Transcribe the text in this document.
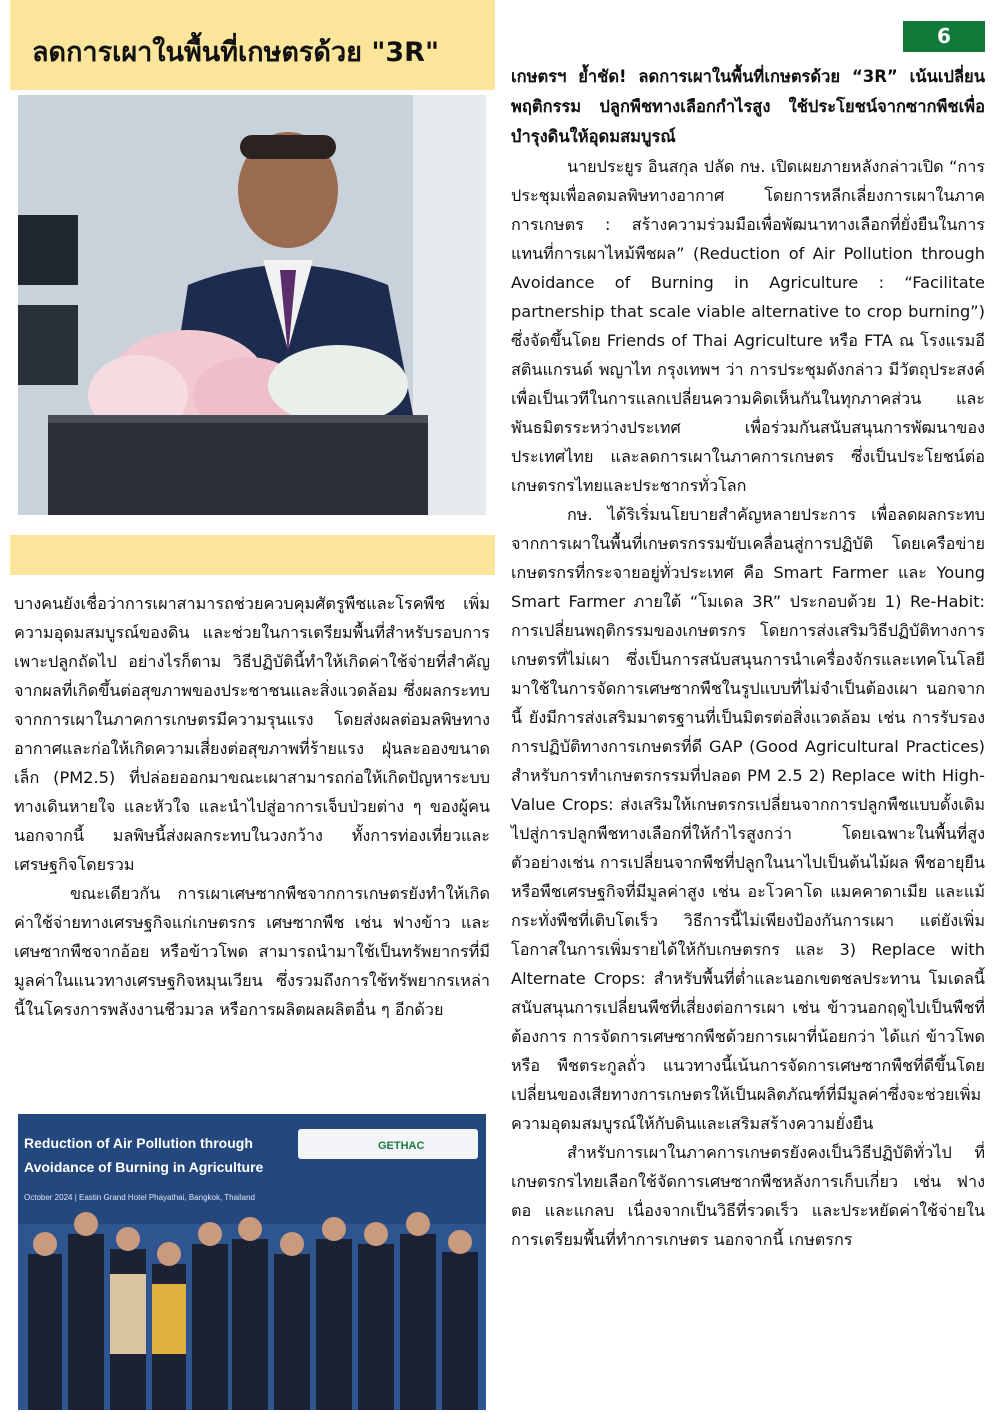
ลดการเผาในพื้นที่เกษตรด้วย "3R"
6

บางคนยังเชื่อว่าการเผาสามารถช่วยควบคุมศัตรูพืชและโรคพืช เพิ่มความอุดมสมบูรณ์ของดิน และช่วยในการเตรียมพื้นที่สำหรับรอบการเพาะปลูกถัดไป อย่างไรก็ตาม วิธีปฏิบัตินี้ทำให้เกิดค่าใช้จ่ายที่สำคัญจากผลที่เกิดขึ้นต่อสุขภาพของประชาชนและสิ่งแวดล้อม ซึ่งผลกระทบจากการเผาในภาคการเกษตรมีความรุนแรง โดยส่งผลต่อมลพิษทางอากาศและก่อให้เกิดความเสี่ยงต่อสุขภาพที่ร้ายแรง ฝุ่นละอองขนาดเล็ก (PM2.5) ที่ปล่อยออกมาขณะเผาสามารถก่อให้เกิดปัญหาระบบทางเดินหายใจ และหัวใจ และนำไปสู่อาการเจ็บป่วยต่าง ๆ ของผู้คน นอกจากนี้ มลพิษนี้ส่งผลกระทบในวงกว้าง ทั้งการท่องเที่ยวและเศรษฐกิจโดยรวม

ขณะเดียวกัน การเผาเศษซากพืชจากการเกษตรยังทำให้เกิดค่าใช้จ่ายทางเศรษฐกิจแก่เกษตรกร เศษซากพืช เช่น ฟางข้าว และเศษซากพืชจากอ้อย หรือข้าวโพด สามารถนำมาใช้เป็นทรัพยากรที่มีมูลค่าในแนวทางเศรษฐกิจหมุนเวียน ซึ่งรวมถึงการใช้ทรัพยากรเหล่านี้ในโครงการพลังงานชีวมวล หรือการผลิตผลผลิตอื่น ๆ อีกด้วย

Reduction of Air Pollution through
Avoidance of Burning in Agriculture
October 2024 | Eastin Grand Hotel Phayathai, Bangkok, Thailand
GETHAC

เกษตรฯ ย้ำชัด! ลดการเผาในพื้นที่เกษตรด้วย “3R” เน้นเปลี่ยนพฤติกรรม ปลูกพืชทางเลือกกำไรสูง ใช้ประโยชน์จากซากพืชเพื่อบำรุงดินให้อุดมสมบูรณ์

นายประยูร อินสกุล ปลัด กษ. เปิดเผยภายหลังกล่าวเปิด “การประชุมเพื่อลดมลพิษทางอากาศ โดยการหลีกเลี่ยงการเผาในภาคการเกษตร : สร้างความร่วมมือเพื่อพัฒนาทางเลือกที่ยั่งยืนในการแทนที่การเผาไหม้พืชผล” (Reduction of Air Pollution through Avoidance of Burning in Agriculture : “Facilitate partnership that scale viable alternative to crop burning”) ซึ่งจัดขึ้นโดย Friends of Thai Agriculture หรือ FTA ณ โรงแรมอีสตินแกรนด์ พญาไท กรุงเทพฯ ว่า การประชุมดังกล่าว มีวัตถุประสงค์เพื่อเป็นเวทีในการแลกเปลี่ยนความคิดเห็นกันในทุกภาคส่วน และพันธมิตรระหว่างประเทศ เพื่อร่วมกันสนับสนุนการพัฒนาของประเทศไทย และลดการเผาในภาคการเกษตร ซึ่งเป็นประโยชน์ต่อเกษตรกรไทยและประชากรทั่วโลก

กษ. ได้ริเริ่มนโยบายสำคัญหลายประการ เพื่อลดผลกระทบจากการเผาในพื้นที่เกษตรกรรมขับเคลื่อนสู่การปฏิบัติ โดยเครือข่ายเกษตรกรที่กระจายอยู่ทั่วประเทศ คือ Smart Farmer และ Young Smart Farmer ภายใต้ “โมเดล 3R” ประกอบด้วย 1) Re-Habit: การเปลี่ยนพฤติกรรมของเกษตรกร โดยการส่งเสริมวิธีปฏิบัติทางการเกษตรที่ไม่เผา ซึ่งเป็นการสนับสนุนการนำเครื่องจักรและเทคโนโลยีมาใช้ในการจัดการเศษซากพืชในรูปแบบที่ไม่จำเป็นต้องเผา นอกจากนี้ ยังมีการส่งเสริมมาตรฐานที่เป็นมิตรต่อสิ่งแวดล้อม เช่น การรับรองการปฏิบัติทางการเกษตรที่ดี GAP (Good Agricultural Practices) สำหรับการทำเกษตรกรรมที่ปลอด PM 2.5 2) Replace with High-Value Crops: ส่งเสริมให้เกษตรกรเปลี่ยนจากการปลูกพืชแบบดั้งเดิมไปสู่การปลูกพืชทางเลือกที่ให้กำไรสูงกว่า โดยเฉพาะในพื้นที่สูง ตัวอย่างเช่น การเปลี่ยนจากพืชที่ปลูกในนาไปเป็นต้นไม้ผล พืชอายุยืน หรือพืชเศรษฐกิจที่มีมูลค่าสูง เช่น อะโวคาโด แมคคาดาเมีย และแม้กระทั่งพืชที่เติบโตเร็ว วิธีการนี้ไม่เพียงป้องกันการเผา แต่ยังเพิ่มโอกาสในการเพิ่มรายได้ให้กับเกษตรกร และ 3) Replace with Alternate Crops: สำหรับพื้นที่ต่ำและนอกเขตชลประทาน โมเดลนี้สนับสนุนการเปลี่ยนพืชที่เสี่ยงต่อการเผา เช่น ข้าวนอกฤดูไปเป็นพืชที่ต้องการ การจัดการเศษซากพืชด้วยการเผาที่น้อยกว่า ได้แก่ ข้าวโพด หรือ พืชตระกูลถั่ว แนวทางนี้เน้นการจัดการเศษซากพืชที่ดีขึ้นโดยเปลี่ยนของเสียทางการเกษตรให้เป็นผลิตภัณฑ์ที่มีมูลค่าซึ่งจะช่วยเพิ่มความอุดมสมบูรณ์ให้กับดินและเสริมสร้างความยั่งยืน

สำหรับการเผาในภาคการเกษตรยังคงเป็นวิธีปฏิบัติทั่วไป ที่เกษตรกรไทยเลือกใช้จัดการเศษซากพืชหลังการเก็บเกี่ยว เช่น ฟาง ตอ และแกลบ เนื่องจากเป็นวิธีที่รวดเร็ว และประหยัดค่าใช้จ่ายในการเตรียมพื้นที่ทำการเกษตร นอกจากนี้ เกษตรกร
